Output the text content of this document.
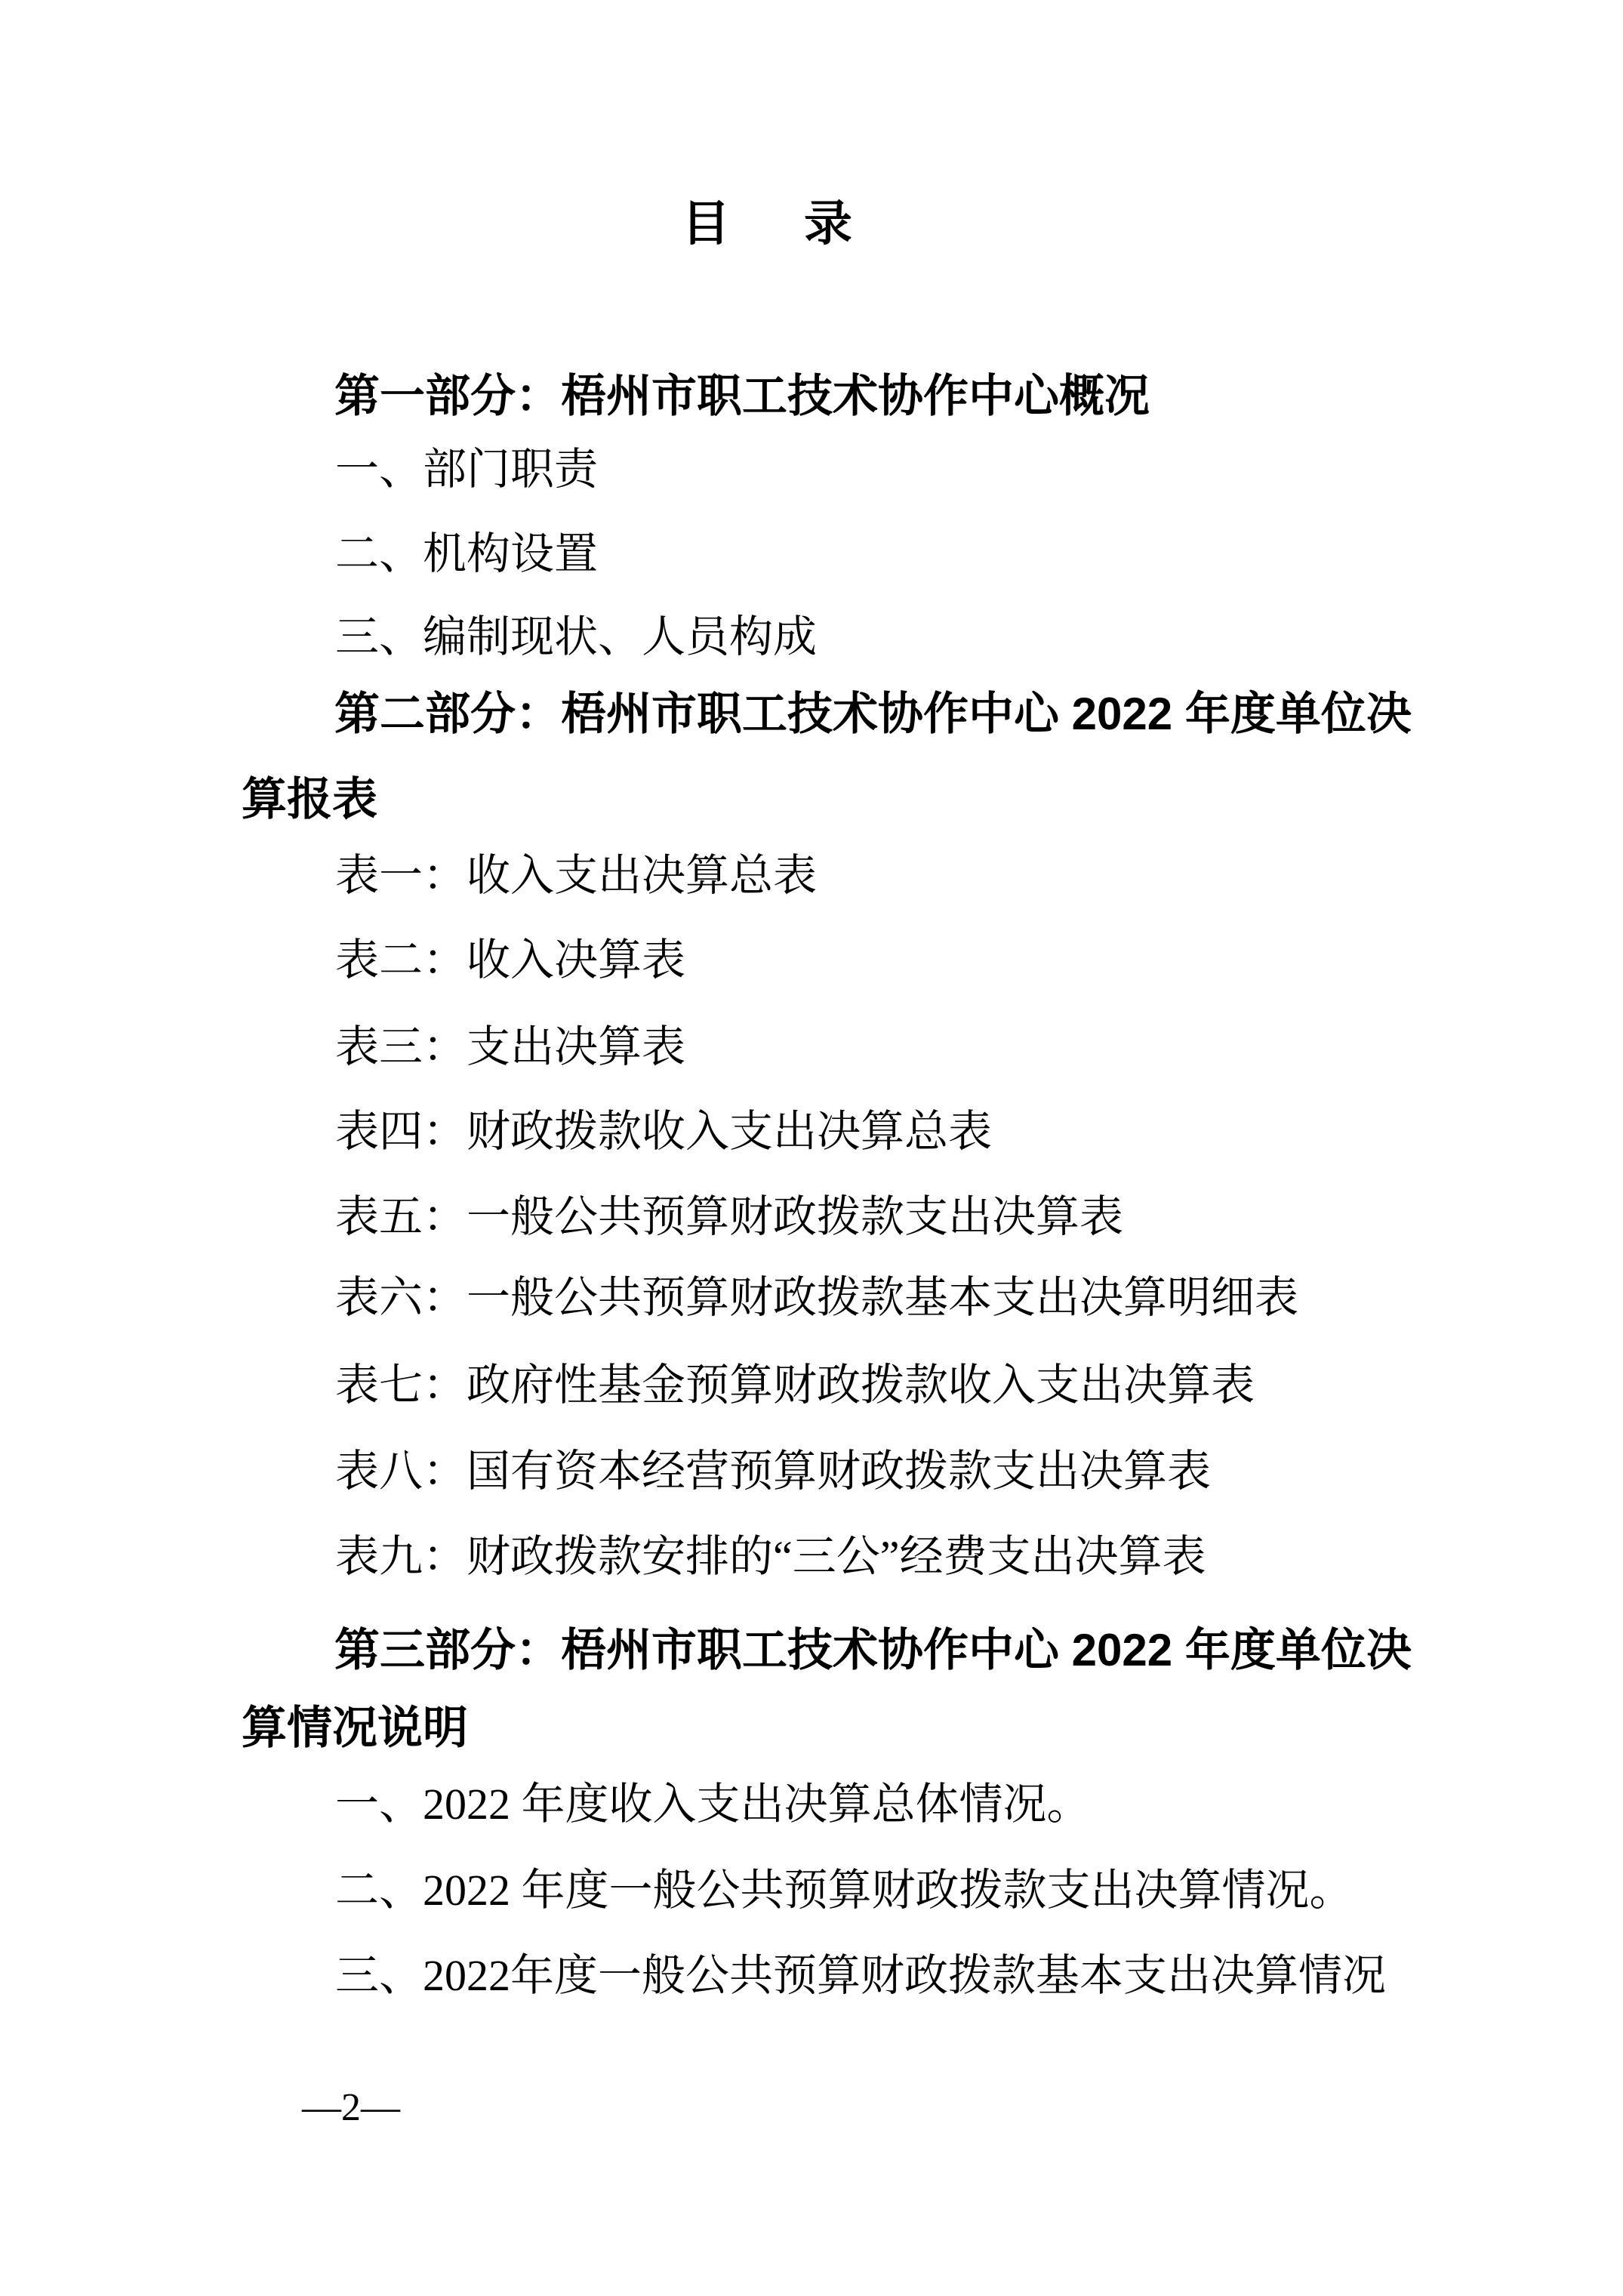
目 录
第一部分：梧州市职工技术协作中心概况
一、部门职责
二、机构设置
三、编制现状、人员构成
第二部分：梧州市职工技术协作中心 2022 年度单位决
算报表
表一：收入支出决算总表
表二：收入决算表
表三：支出决算表
表四：财政拨款收入支出决算总表
表五：一般公共预算财政拨款支出决算表
表六：一般公共预算财政拨款基本支出决算明细表
表七：政府性基金预算财政拨款收入支出决算表
表八：国有资本经营预算财政拨款支出决算表
表九：财政拨款安排的“三公”经费支出决算表
第三部分：梧州市职工技术协作中心 2022 年度单位决
算情况说明
一、2022 年度收入支出决算总体情况。
二、2022 年度一般公共预算财政拨款支出决算情况。
三、2022年度一般公共预算财政拨款基本支出决算情况
—2—
